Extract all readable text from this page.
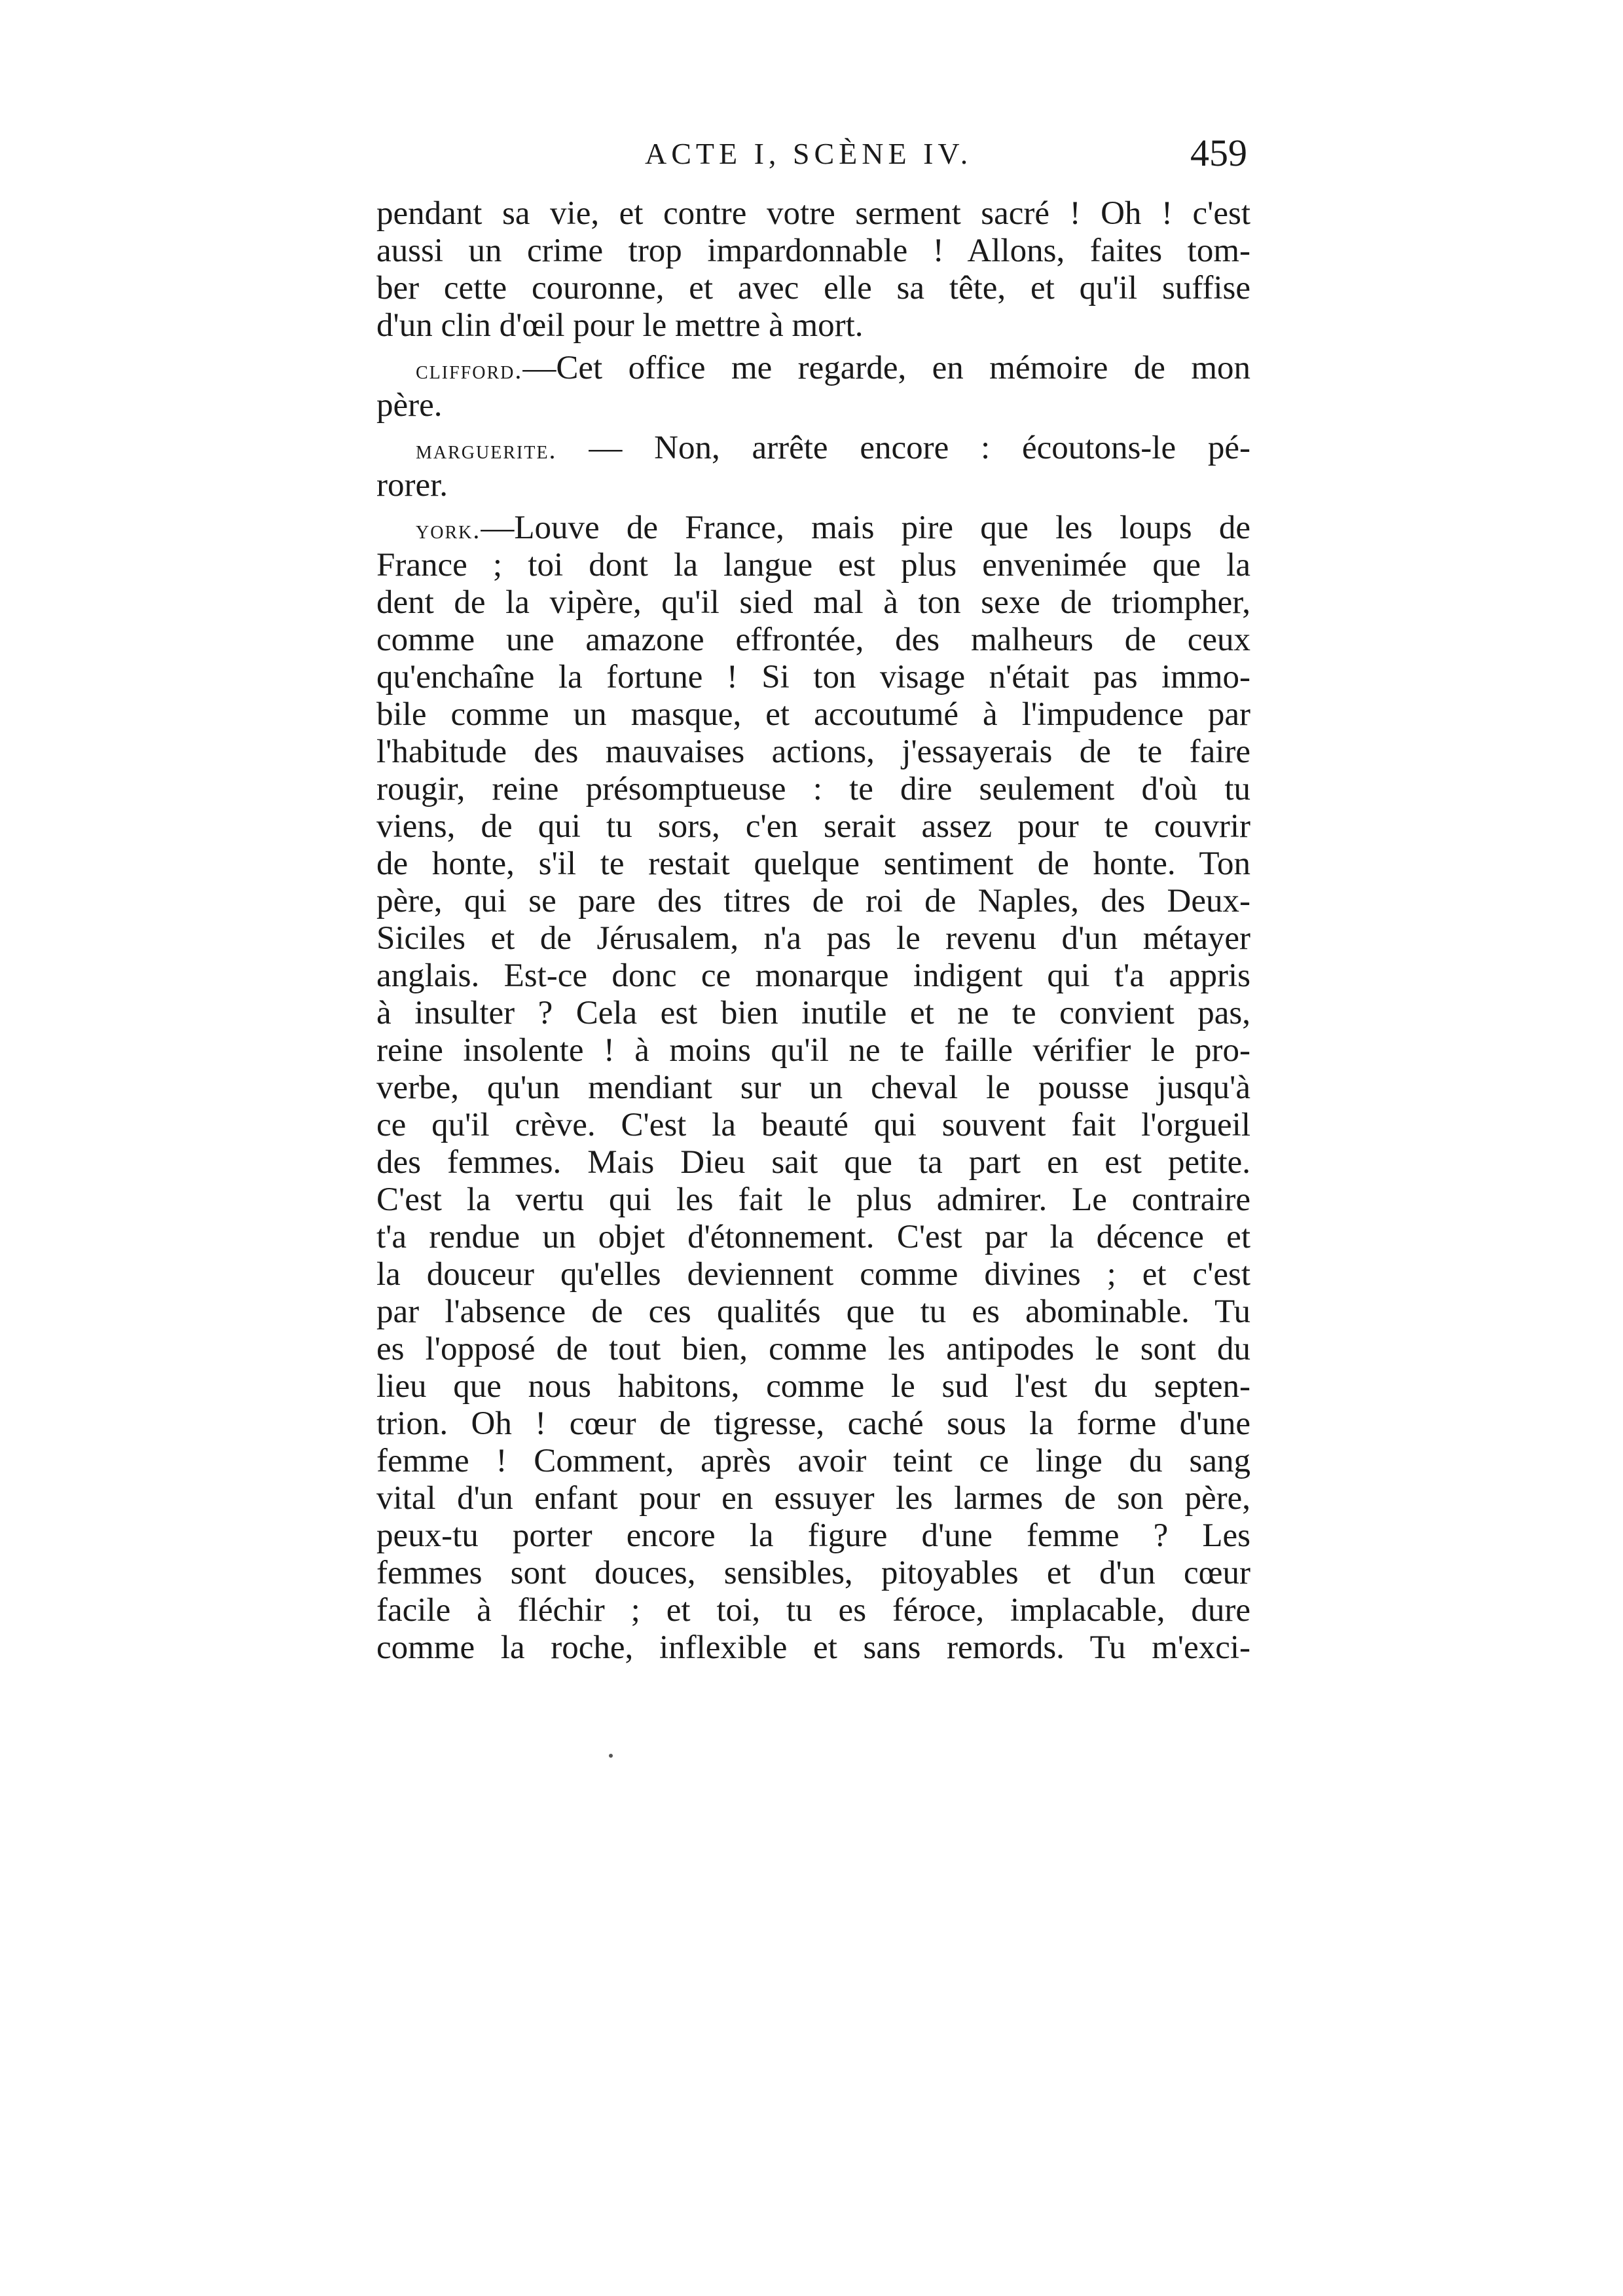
ACTE I, SCÈNE IV.	459
pendant sa vie, et contre votre serment sacré ! Oh ! c'est
aussi un crime trop impardonnable ! Allons, faites tom-
ber cette couronne, et avec elle sa tête, et qu'il suffise
d'un clin d'œil pour le mettre à mort.
clifford.—Cet office me regarde, en mémoire de mon
père.
marguerite. — Non, arrête encore : écoutons-le pé-
rorer.
york.—Louve de France, mais pire que les loups de
France ; toi dont la langue est plus envenimée que la
dent de la vipère, qu'il sied mal à ton sexe de triompher,
comme une amazone effrontée, des malheurs de ceux
qu'enchaîne la fortune ! Si ton visage n'était pas immo-
bile comme un masque, et accoutumé à l'impudence par
l'habitude des mauvaises actions, j'essayerais de te faire
rougir, reine présomptueuse : te dire seulement d'où tu
viens, de qui tu sors, c'en serait assez pour te couvrir
de honte, s'il te restait quelque sentiment de honte. Ton
père, qui se pare des titres de roi de Naples, des Deux-
Siciles et de Jérusalem, n'a pas le revenu d'un métayer
anglais. Est-ce donc ce monarque indigent qui t'a appris
à insulter ? Cela est bien inutile et ne te convient pas,
reine insolente ! à moins qu'il ne te faille vérifier le pro-
verbe, qu'un mendiant sur un cheval le pousse jusqu'à
ce qu'il crève. C'est la beauté qui souvent fait l'orgueil
des femmes. Mais Dieu sait que ta part en est petite.
C'est la vertu qui les fait le plus admirer. Le contraire
t'a rendue un objet d'étonnement. C'est par la décence et
la douceur qu'elles deviennent comme divines ; et c'est
par l'absence de ces qualités que tu es abominable. Tu
es l'opposé de tout bien, comme les antipodes le sont du
lieu que nous habitons, comme le sud l'est du septen-
trion. Oh ! cœur de tigresse, caché sous la forme d'une
femme ! Comment, après avoir teint ce linge du sang
vital d'un enfant pour en essuyer les larmes de son père,
peux-tu porter encore la figure d'une femme ? Les
femmes sont douces, sensibles, pitoyables et d'un cœur
facile à fléchir ; et toi, tu es féroce, implacable, dure
comme la roche, inflexible et sans remords. Tu m'exci-
